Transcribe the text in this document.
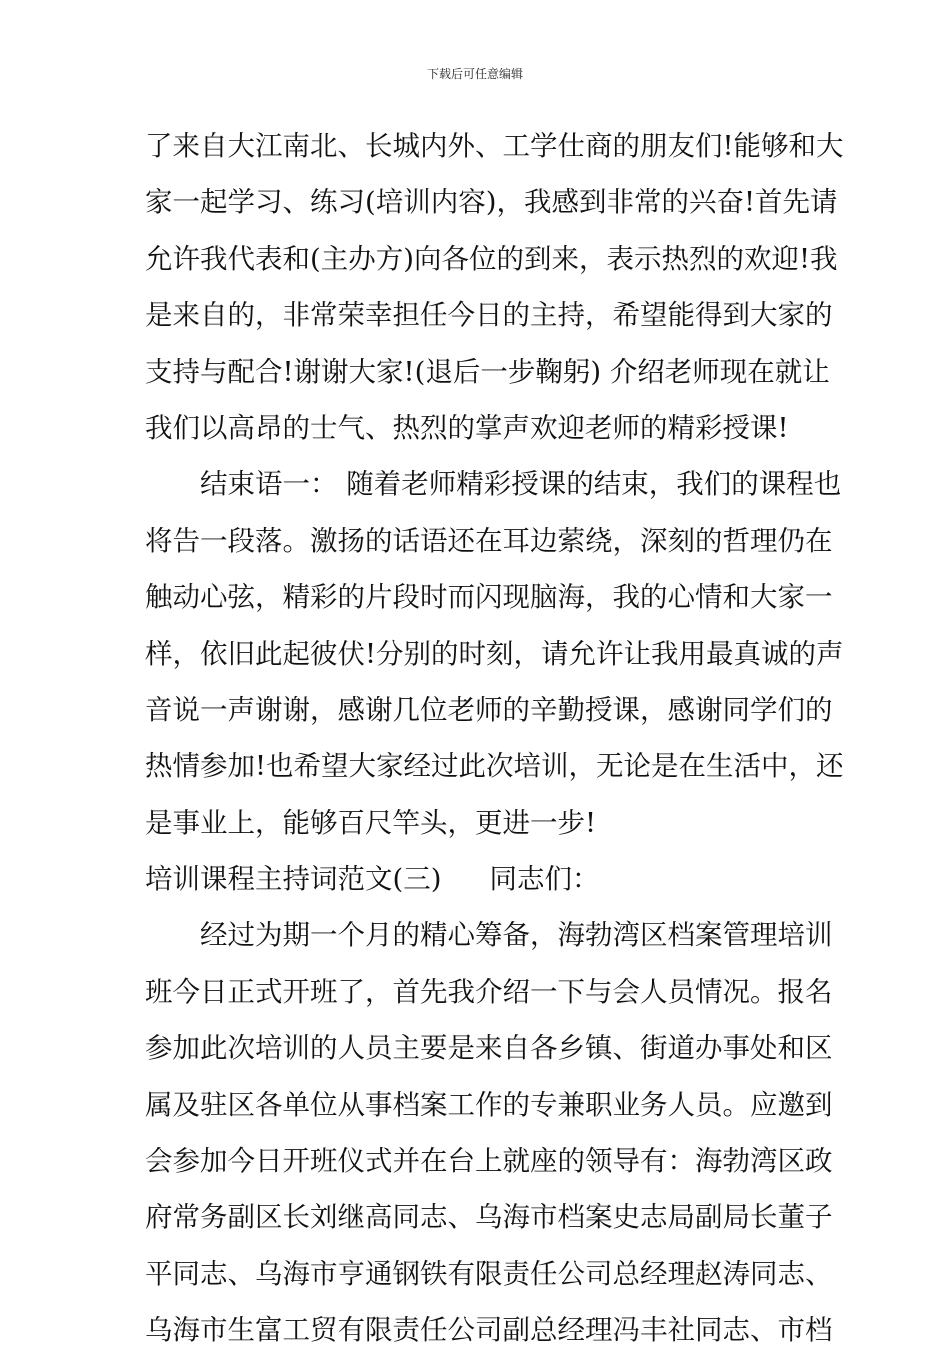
下载后可任意编辑
了来自大江南北、长城内外、工学仕商的朋友们!能够和大
家一起学习、练习(培训内容)，我感到非常的兴奋!首先请
允许我代表和(主办方)向各位的到来，表示热烈的欢迎!我
是来自的，非常荣幸担任今日的主持，希望能得到大家的
支持与配合!谢谢大家!(退后一步鞠躬) 介绍老师现在就让
我们以高昂的士气、热烈的掌声欢迎老师的精彩授课!
结束语一： 随着老师精彩授课的结束，我们的课程也
将告一段落。激扬的话语还在耳边萦绕，深刻的哲理仍在
触动心弦，精彩的片段时而闪现脑海，我的心情和大家一
样，依旧此起彼伏!分别的时刻，请允许让我用最真诚的声
音说一声谢谢，感谢几位老师的辛勤授课，感谢同学们的
热情参加!也希望大家经过此次培训，无论是在生活中，还
是事业上，能够百尺竿头，更进一步!
培训课程主持词范文(三) 同志们：
经过为期一个月的精心筹备，海勃湾区档案管理培训
班今日正式开班了，首先我介绍一下与会人员情况。报名
参加此次培训的人员主要是来自各乡镇、街道办事处和区
属及驻区各单位从事档案工作的专兼职业务人员。应邀到
会参加今日开班仪式并在台上就座的领导有：海勃湾区政
府常务副区长刘继高同志、乌海市档案史志局副局长董子
平同志、乌海市亨通钢铁有限责任公司总经理赵涛同志、
乌海市生富工贸有限责任公司副总经理冯丰社同志、市档
